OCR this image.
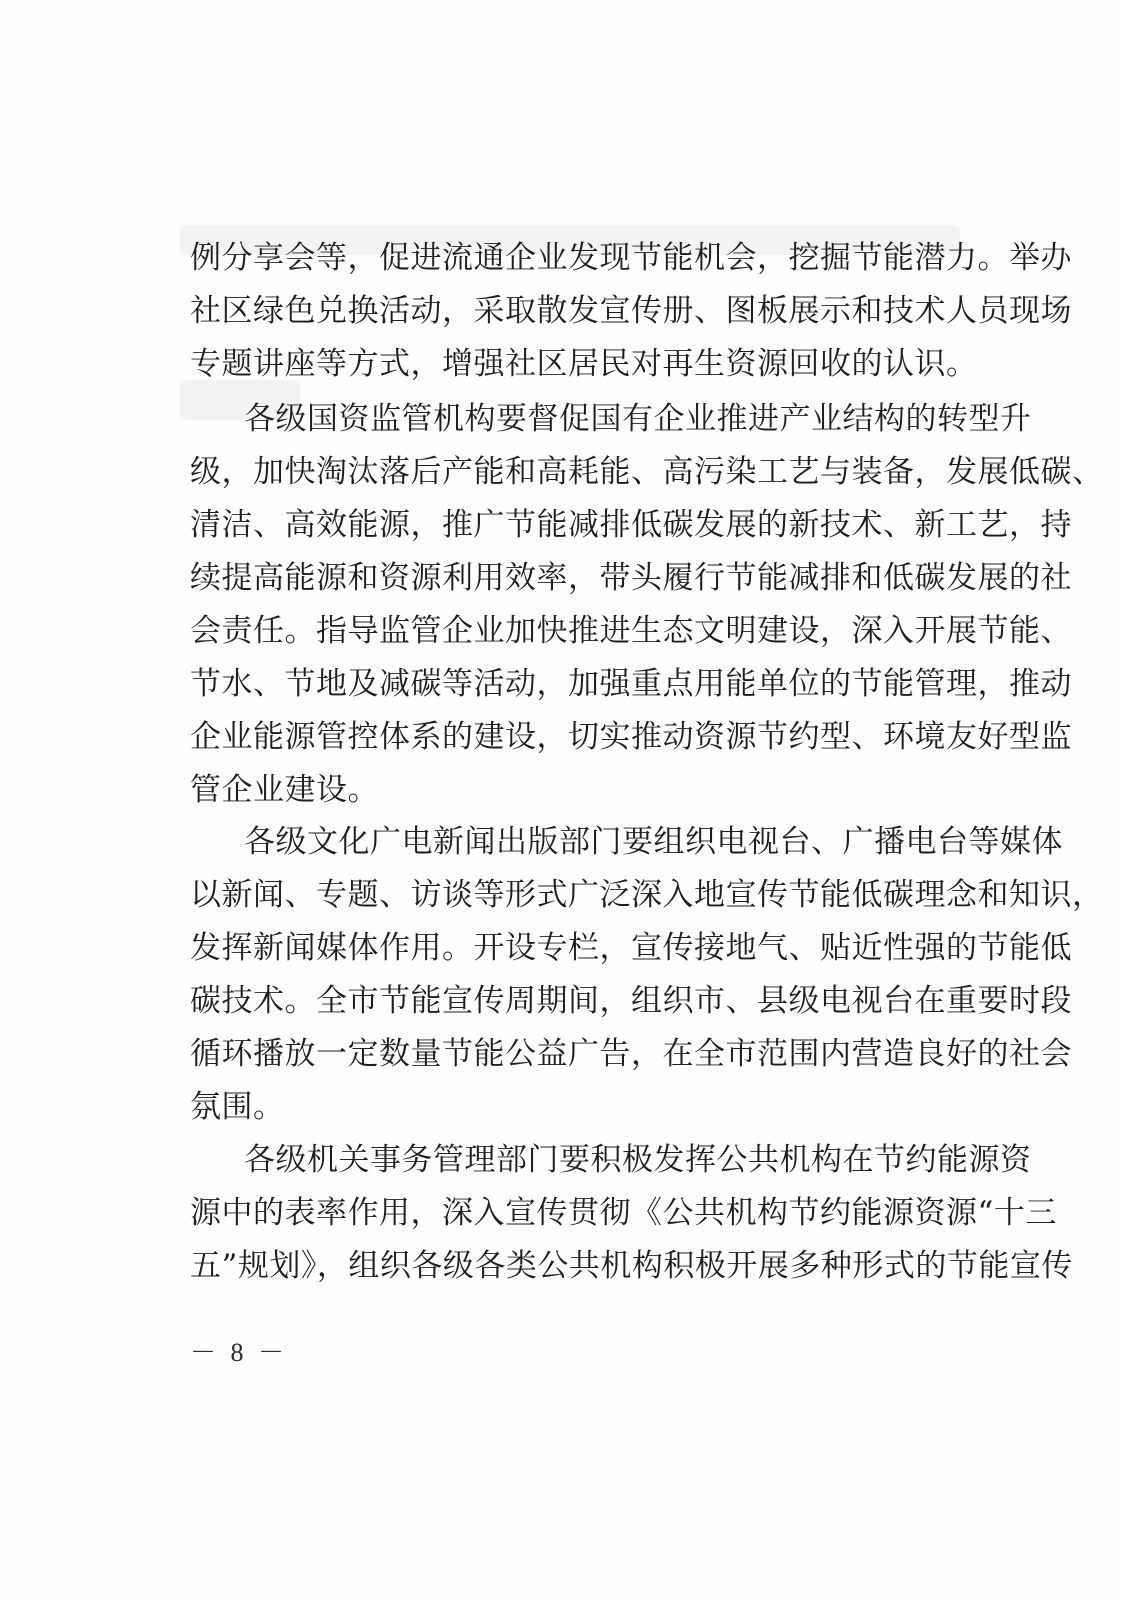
例分享会等，促进流通企业发现节能机会，挖掘节能潜力。举办
社区绿色兑换活动，采取散发宣传册、图板展示和技术人员现场
专题讲座等方式，增强社区居民对再生资源回收的认识。
各级国资监管机构要督促国有企业推进产业结构的转型升
级，加快淘汰落后产能和高耗能、高污染工艺与装备，发展低碳、
清洁、高效能源，推广节能减排低碳发展的新技术、新工艺，持
续提高能源和资源利用效率，带头履行节能减排和低碳发展的社
会责任。指导监管企业加快推进生态文明建设，深入开展节能、
节水、节地及减碳等活动，加强重点用能单位的节能管理，推动
企业能源管控体系的建设，切实推动资源节约型、环境友好型监
管企业建设。
各级文化广电新闻出版部门要组织电视台、广播电台等媒体
以新闻、专题、访谈等形式广泛深入地宣传节能低碳理念和知识，
发挥新闻媒体作用。开设专栏，宣传接地气、贴近性强的节能低
碳技术。全市节能宣传周期间，组织市、县级电视台在重要时段
循环播放一定数量节能公益广告，在全市范围内营造良好的社会
氛围。
各级机关事务管理部门要积极发挥公共机构在节约能源资
源中的表率作用，深入宣传贯彻《公共机构节约能源资源“十三
五”规划》，组织各级各类公共机构积极开展多种形式的节能宣传
－ 8 －
